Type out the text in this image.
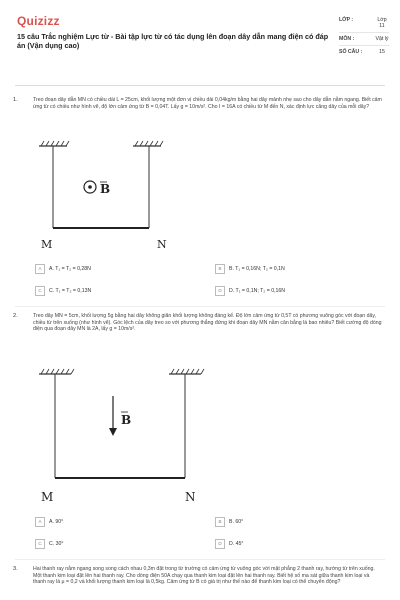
Quizizz
15 câu Trắc nghiệm Lực từ - Bài tập lực từ có tác dụng lên đoạn dây dẫn mang điện có đáp án (Vận dụng cao)
LỚP :	Lớp 11
MÔN :	Vật lý
SỐ CÂU :	15
1.	Treo đoạn dây dẫn MN có chiều dài L = 25cm, khối lượng một đơn vị chiều dài 0,04kg/m bằng hai dây mảnh nhẹ sao cho dây dẫn nằm ngang. Biết cảm ứng từ có chiều như hình vẽ, độ lớn cảm ứng từ B = 0,04T. Lấy g = 10m/s². Cho I = 16A có chiều từ M đến N, xác định lực căng dây của mỗi dây?
B
M	N
A	A. T₁ = T₂ = 0,28N	B	B. T₁ = 0,16N; T₂ = 0,1N
C	C. T₁ = T₂ = 0,13N	D	D. T₁ = 0,1N; T₂ = 0,16N
2.	Treo dây MN = 5cm, khối lượng 5g bằng hai dây không giãn khối lượng không đáng kể. Độ lớn cảm ứng từ 0,5T có phương vuông góc với đoạn dây, chiều từ trên xuống (như hình vẽ). Góc lệch của dây treo so với phương thẳng đứng khi đoạn dây MN nằm cân bằng là bao nhiêu? Biết cường độ dòng điện qua đoạn dây MN là 2A, lấy g = 10m/s².
B
M	N
A	A. 90°	B	B. 60°
C	C. 30°	D	D. 45°
3.	Hai thanh ray nằm ngang song song cách nhau 0,3m đặt trong từ trường có cảm ứng từ vuông góc với mặt phẳng 2 thanh ray, hướng từ trên xuống. Một thanh kim loại đặt lên hai thanh ray. Cho dòng điện 50A chạy qua thanh kim loại đặt lên hai thanh ray. Biết hệ số ma sát giữa thanh kim loại và thanh ray là μ = 0,2 và khối lượng thanh kim loại là 0,5kg. Cảm ứng từ B có giá trị như thế nào để thanh kim loại có thể chuyển động?
